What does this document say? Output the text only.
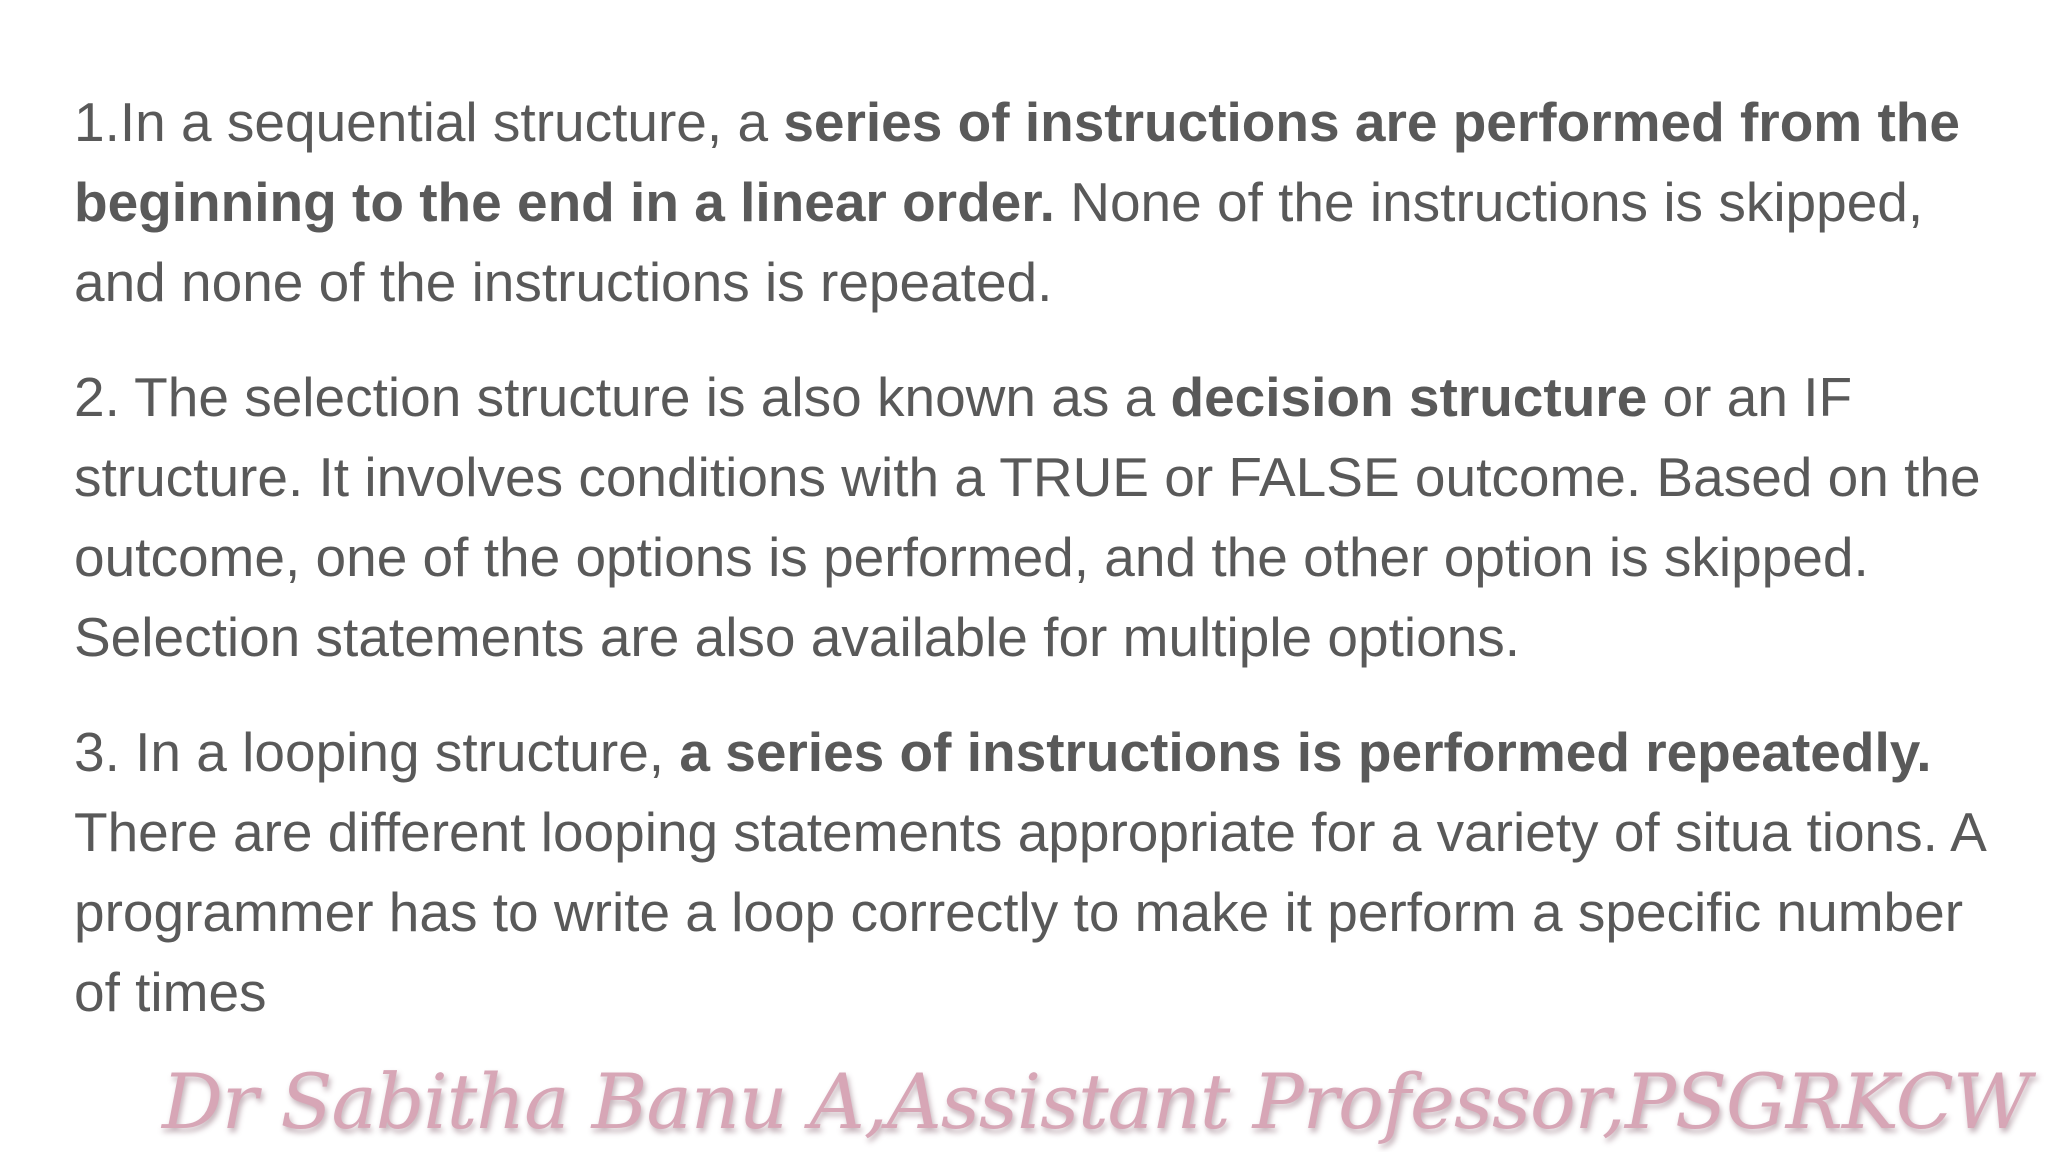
1.In a sequential structure, a series of instructions are performed from the beginning to the end in a linear order. None of the instructions is skipped, and none of the instructions is repeated.

2. The selection structure is also known as a decision structure or an IF structure. It involves conditions with a TRUE or FALSE outcome. Based on the outcome, one of the options is performed, and the other option is skipped. Selection statements are also available for multiple options.

3. In a looping structure, a series of instructions is performed repeatedly. There are different looping statements appropriate for a variety of situa tions. A programmer has to write a loop correctly to make it perform a specific number of times

Dr Sabitha Banu A,Assistant Professor,PSGRKCW
